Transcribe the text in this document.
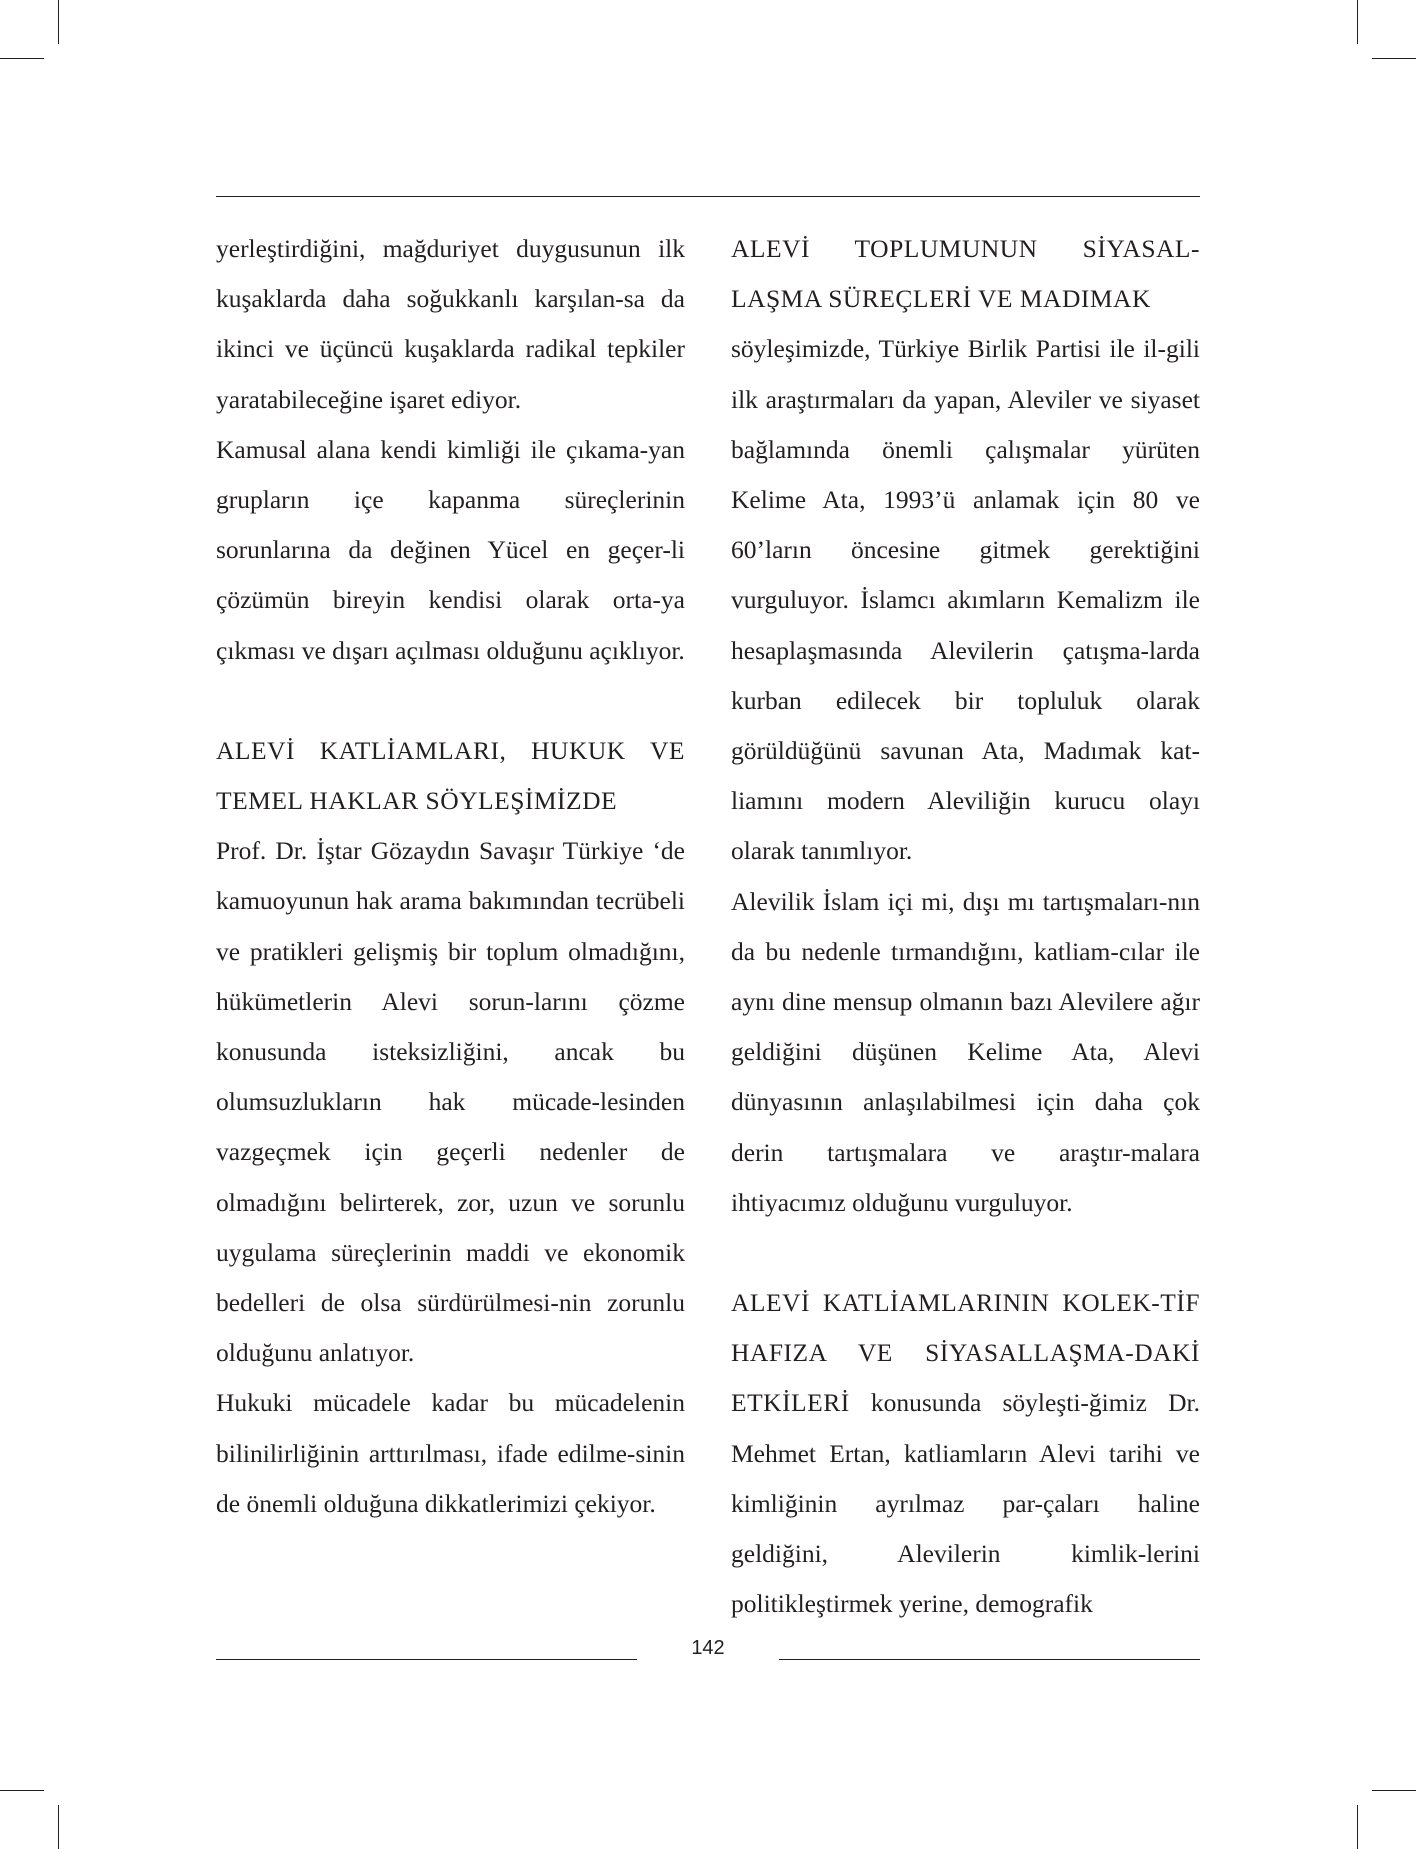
yerleştirdiğini, mağduriyet duygusunun ilk kuşaklarda daha soğukkanlı karşılan-sa da ikinci ve üçüncü kuşaklarda radikal tepkiler yaratabileceğine işaret ediyor.

Kamusal alana kendi kimliği ile çıkama-yan grupların içe kapanma süreçlerinin sorunlarına da değinen Yücel en geçer-li çözümün bireyin kendisi olarak orta-ya çıkması ve dışarı açılması olduğunu açıklıyor.

ALEVİ KATLİAMLARI, HUKUK VE TEMEL HAKLAR SÖYLEŞİMİZDE

Prof. Dr. İştar Gözaydın Savaşır Türkiye ‘de kamuoyunun hak arama bakımından tecrübeli ve pratikleri gelişmiş bir toplum olmadığını, hükümetlerin Alevi sorun-larını çözme konusunda isteksizliğini, ancak bu olumsuzlukların hak mücade-lesinden vazgeçmek için geçerli nedenler de olmadığını belirterek, zor, uzun ve sorunlu uygulama süreçlerinin maddi ve ekonomik bedelleri de olsa sürdürülmesi-nin zorunlu olduğunu anlatıyor.

Hukuki mücadele kadar bu mücadelenin bilinilirliğinin arttırılması, ifade edilme-sinin de önemli olduğuna dikkatlerimizi çekiyor.

ALEVİ TOPLUMUNUN SİYASAL-LAŞMA SÜREÇLERİ VE MADIMAK

söyleşimizde, Türkiye Birlik Partisi ile il-gili ilk araştırmaları da yapan, Aleviler ve siyaset bağlamında önemli çalışmalar yürüten Kelime Ata, 1993’ü anlamak için 80 ve 60’ların öncesine gitmek gerektiğini vurguluyor. İslamcı akımların Kemalizm ile hesaplaşmasında Alevilerin çatışma-larda kurban edilecek bir topluluk olarak görüldüğünü savunan Ata, Madımak kat-liamını modern Aleviliğin kurucu olayı olarak tanımlıyor.

Alevilik İslam içi mi, dışı mı tartışmaları-nın da bu nedenle tırmandığını, katliam-cılar ile aynı dine mensup olmanın bazı Alevilere ağır geldiğini düşünen Kelime Ata, Alevi dünyasının anlaşılabilmesi için daha çok derin tartışmalara ve araştır-malara ihtiyacımız olduğunu vurguluyor.

ALEVİ KATLİAMLARININ KOLEK-TİF HAFIZA VE SİYASALLAŞMA-DAKİ ETKİLERİ konusunda söyleşti-ğimiz Dr. Mehmet Ertan, katliamların Alevi tarihi ve kimliğinin ayrılmaz par-çaları haline geldiğini, Alevilerin kimlik-lerini politikleştirmek yerine, demografik

142
